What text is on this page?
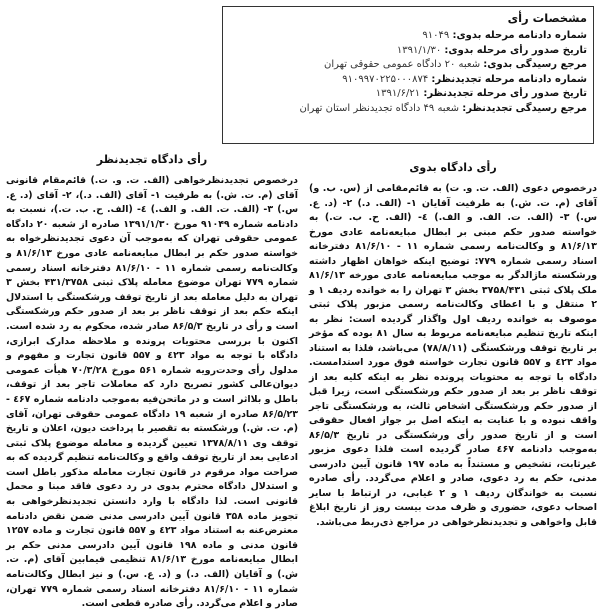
مشخصات رأی
شماره دادنامه مرحله بدوی: ۹۱۰۴۹
تاریخ صدور رأی مرحله بدوی: ۱۳۹۱/۱/۳۰
مرجع رسیدگی بدوی: شعبه ۲۰ دادگاه عمومی حقوقی تهران
شماره دادنامه مرحله تجدیدنظر: ۹۱۰۹۹۷۰۲۲۵۰۰۰۸۷۴
تاریخ صدور رأی مرحله تجدیدنظر: ۱۳۹۱/۶/۲۱
مرجع رسیدگی تجدیدنظر: شعبه ۴۹ دادگاه تجدیدنظر استان تهران
رأی دادگاه بدوی

درخصوص دعوی (الف. ت. و. ت) به قائم‌مقامی از (س. ب. و) آقای (م. ت. ش.) به طرفیت آقایان ۱- (الف. د.) ۲- (د. ع. س.) ۳- (الف. ت. الف. و الف.) ٤- (الف. ح. ب. ت.) به خواسته صدور حکم مبنی بر ابطال مبایعه‌نامه عادی مورخ ۸۱/۶/۱۳ و وکالت‌نامه رسمی شماره ۱۱ - ۸۱/۶/۱۰ دفترخانه اسناد رسمی شماره ۷۷۹: توضیح اینکه خواهان اظهار داشته ورشکسته ماژالدگر به موجب مبایعه‌نامه عادی مورخه ۸۱/۶/۱۳ ملک پلاک ثبتی ۳۷۵۸/۴۳۱ بخش ۳ تهران را به خوانده ردیف ۱ و ۲ منتقل و با اعطای وکالت‌نامه رسمی مزبور پلاک ثبتی موصوف به خوانده ردیف اول واگذار گردیده است: نظر به اینکه تاریخ تنظیم مبایعه‌نامه مربوط به سال ۸۱ بوده که مؤخر بر تاریخ توقف ورشکستگی (۷۸/۸/۱۱) می‌باشد، فلذا به استناد مواد ٤۲۳ و ۵۵۷ قانون تجارت خواسته فوق مورد استدامست. دادگاه با توجه به محتویات پرونده نظر به اینکه کلیه بعد از توقف ناظر بر بعد از صدور حکم ورشکستگی است، زیرا قبل از صدور حکم ورشکستگی اشخاص ثالث، به ورشکستگی تاجر واقف نبوده و با عنایت به اینکه اصل بر جواز افعال حقوقی است و از تاریخ صدور رأی ورشکستگی در تاریخ ۸۶/۵/۳ به‌موجب دادنامه ٤۶۷ صادر گردیده است فلذا دعوی مزبور غیرثابت، تشخیص و مستنداً به ماده ۱۹۷ قانون آیین دادرسی مدنی، حکم به رد دعوی، صادر و اعلام می‌گردد. رأی صادره نسبت به خواندگان ردیف ۱ و ۲ غیابی، در ارتباط با سایر اصحاب دعوی، حضوری و ظرف مدت بیست روز از تاریخ ابلاغ قابل واخواهی و تجدیدنظرخواهی در مراجع ذی‌ربط می‌باشد.

رأی دادگاه تجدیدنظر

درخصوص تجدیدنظرخواهی (الف. ت. و. ت.) قائم‌مقام قانونی آقای (م. ت. ش.) به طرفیت ۱- آقای (الف. د.)، ۲- آقای (د. ع. س.) ۳- (الف. ت. الف. و الف.) ٤- (الف. ح. ب. ت.)، نسبت به دادنامه شماره ۹۱۰۴۹ مورخ ۱۳۹۱/۱/۳۰ صادره از شعبه ۲۰ دادگاه عمومی حقوقی تهران که به‌موجب آن دعوی تجدیدنظرخواه به خواسته صدور حکم بر ابطال مبایعه‌نامه عادی مورخ ۸۱/۶/۱۳ و وکالت‌نامه رسمی شماره ۱۱ - ۸۱/۶/۱۰ دفترخانه اسناد رسمی شماره ۷۷۹ تهران موضوع معامله پلاک ثبتی ۴۳۱/۳۷۵۸ بخش ۳ تهران به دلیل معامله بعد از تاریخ توقف ورشکستگی با استدلال اینکه حکم بعد از توقف ناظر بر بعد از صدور حکم ورشکستگی است و رأی در تاریخ ۸۶/۵/۳ صادر شده، محکوم به رد شده است. اکنون با بررسی محتویات پرونده و ملاحظه مدارک ابرازی، دادگاه با توجه به مواد ٤۲۳ و ۵۵۷ قانون تجارت و مفهوم و مدلول رأی وحدت‌رویه شماره ۵۶۱ مورخ ۷۰/۳/۲۸ هیأت عمومی دیوان‌عالی کشور تصریح دارد که معاملات تاجر بعد از توقف، باطل و بلااثر است و در ماتحن‌فیه به‌موجب دادنامه شماره ٤۶۷ - ۸۶/۵/۲۳ صادره از شعبه ۱۹ دادگاه عمومی حقوقی تهران، آقای (م. ت. ش.) ورشکسته به تقصیر با پرداخت دیون، اعلان و تاریخ توقف وی ۱۳۷۸/۸/۱۱ تعیین گردیده و معامله موضوع پلاک ثبتی ادعایی بعد از تاریخ توقف واقع و وکالت‌نامه تنظیم گردیده که به صراحت مواد مرقوم در قانون تجارت معامله مذکور باطل است و استدلال دادگاه محترم بدوی در رد دعوی فاقد مبنا و محمل قانونی است. لذا دادگاه با وارد دانستن تجدیدنظرخواهی به تجویز ماده ۳۵۸ قانون آیین دادرسی مدنی ضمن نقض دادنامه معترض‌عنه به استناد مواد ٤۲۳ و ۵۵۷ قانون تجارت و ماده ۱۲۵۷ قانون مدنی و ماده ۱۹۸ قانون آیین دادرسی مدنی حکم بر ابطال مبایعه‌نامه مورخ ۸۱/۶/۱۳ تنظیمی فیمابین آقای (م. ت. ش.) و آقایان (الف. د.) و (د. ع. س.) و نیز ابطال وکالت‌نامه شماره ۱۱ - ۸۱/۶/۱۰ دفترخانه اسناد رسمی شماره ۷۷۹ تهران، صادر و اعلام می‌گردد. رأی صادره قطعی است.
